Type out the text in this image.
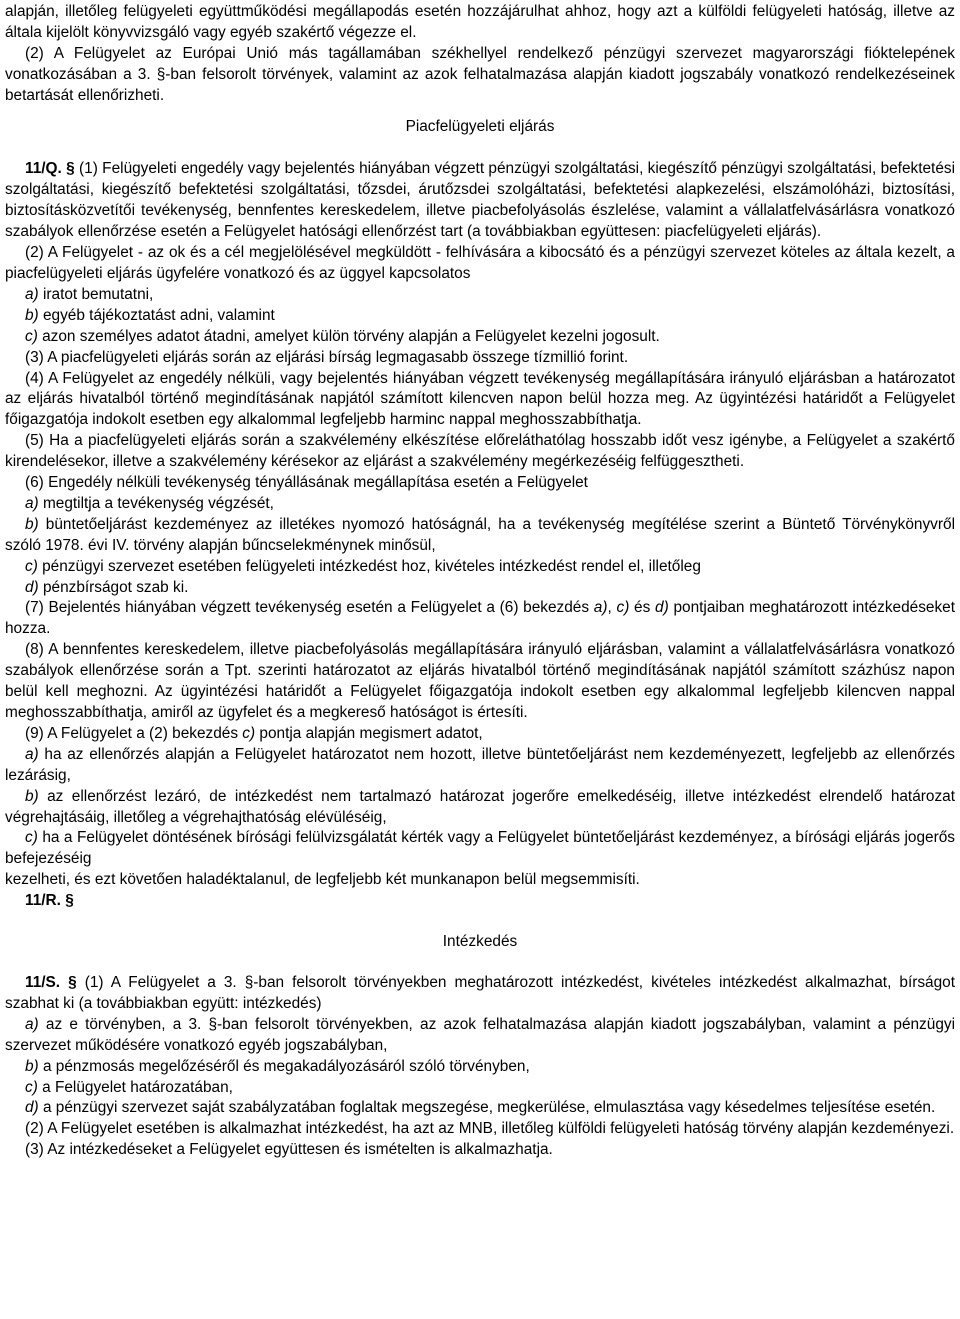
alapján, illetőleg felügyeleti együttműködési megállapodás esetén hozzájárulhat ahhoz, hogy azt a külföldi felügyeleti hatóság, illetve az általa kijelölt könyvvizsgáló vagy egyéb szakértő végezze el.

(2) A Felügyelet az Európai Unió más tagállamában székhellyel rendelkező pénzügyi szervezet magyarországi fióktelepének vonatkozásában a 3. §-ban felsorolt törvények, valamint az azok felhatalmazása alapján kiadott jogszabály vonatkozó rendelkezéseinek betartását ellenőrizheti.

Piacfelügyeleti eljárás

11/Q. § (1) Felügyeleti engedély vagy bejelentés hiányában végzett pénzügyi szolgáltatási, kiegészítő pénzügyi szolgáltatási, befektetési szolgáltatási, kiegészítő befektetési szolgáltatási, tőzsdei, árutőzsdei szolgáltatási, befektetési alapkezelési, elszámolóházi, biztosítási, biztosításközvetítői tevékenység, bennfentes kereskedelem, illetve piacbefolyásolás észlelése, valamint a vállalatfelvásárlásra vonatkozó szabályok ellenőrzése esetén a Felügyelet hatósági ellenőrzést tart (a továbbiakban együttesen: piacfelügyeleti eljárás).

(2) A Felügyelet - az ok és a cél megjelölésével megküldött - felhívására a kibocsátó és a pénzügyi szervezet köteles az általa kezelt, a piacfelügyeleti eljárás ügyfelére vonatkozó és az üggyel kapcsolatos

a) iratot bemutatni,

b) egyéb tájékoztatást adni, valamint

c) azon személyes adatot átadni, amelyet külön törvény alapján a Felügyelet kezelni jogosult.

(3) A piacfelügyeleti eljárás során az eljárási bírság legmagasabb összege tízmillió forint.

(4) A Felügyelet az engedély nélküli, vagy bejelentés hiányában végzett tevékenység megállapítására irányuló eljárásban a határozatot az eljárás hivatalból történő megindításának napjától számított kilencven napon belül hozza meg. Az ügyintézési határidőt a Felügyelet főigazgatója indokolt esetben egy alkalommal legfeljebb harminc nappal meghosszabbíthatja.

(5) Ha a piacfelügyeleti eljárás során a szakvélemény elkészítése előreláthatólag hosszabb időt vesz igénybe, a Felügyelet a szakértő kirendelésekor, illetve a szakvélemény kérésekor az eljárást a szakvélemény megérkezéséig felfüggesztheti.

(6) Engedély nélküli tevékenység tényállásának megállapítása esetén a Felügyelet

a) megtiltja a tevékenység végzését,

b) büntetőeljárást kezdeményez az illetékes nyomozó hatóságnál, ha a tevékenység megítélése szerint a Büntető Törvénykönyvről szóló 1978. évi IV. törvény alapján bűncselekménynek minősül,

c) pénzügyi szervezet esetében felügyeleti intézkedést hoz, kivételes intézkedést rendel el, illetőleg

d) pénzbírságot szab ki.

(7) Bejelentés hiányában végzett tevékenység esetén a Felügyelet a (6) bekezdés a), c) és d) pontjaiban meghatározott intézkedéseket hozza.

(8) A bennfentes kereskedelem, illetve piacbefolyásolás megállapítására irányuló eljárásban, valamint a vállalatfelvásárlásra vonatkozó szabályok ellenőrzése során a Tpt. szerinti határozatot az eljárás hivatalból történő megindításának napjától számított százhúsz napon belül kell meghozni. Az ügyintézési határidőt a Felügyelet főigazgatója indokolt esetben egy alkalommal legfeljebb kilencven nappal meghosszabbíthatja, amiről az ügyfelet és a megkereső hatóságot is értesíti.

(9) A Felügyelet a (2) bekezdés c) pontja alapján megismert adatot,

a) ha az ellenőrzés alapján a Felügyelet határozatot nem hozott, illetve büntetőeljárást nem kezdeményezett, legfeljebb az ellenőrzés lezárásig,

b) az ellenőrzést lezáró, de intézkedést nem tartalmazó határozat jogerőre emelkedéséig, illetve intézkedést elrendelő határozat végrehajtásáig, illetőleg a végrehajthatóság elévüléséig,

c) ha a Felügyelet döntésének bírósági felülvizsgálatát kérték vagy a Felügyelet büntetőeljárást kezdeményez, a bírósági eljárás jogerős befejezéséig

kezelheti, és ezt követően haladéktalanul, de legfeljebb két munkanapon belül megsemmisíti.

11/R. §

Intézkedés

11/S. § (1) A Felügyelet a 3. §-ban felsorolt törvényekben meghatározott intézkedést, kivételes intézkedést alkalmazhat, bírságot szabhat ki (a továbbiakban együtt: intézkedés)

a) az e törvényben, a 3. §-ban felsorolt törvényekben, az azok felhatalmazása alapján kiadott jogszabályban, valamint a pénzügyi szervezet működésére vonatkozó egyéb jogszabályban,

b) a pénzmosás megelőzéséről és megakadályozásáról szóló törvényben,

c) a Felügyelet határozatában,

d) a pénzügyi szervezet saját szabályzatában foglaltak megszegése, megkerülése, elmulasztása vagy késedelmes teljesítése esetén.

(2) A Felügyelet esetében is alkalmazhat intézkedést, ha azt az MNB, illetőleg külföldi felügyeleti hatóság törvény alapján kezdeményezi.

(3) Az intézkedéseket a Felügyelet együttesen és ismételten is alkalmazhatja.
